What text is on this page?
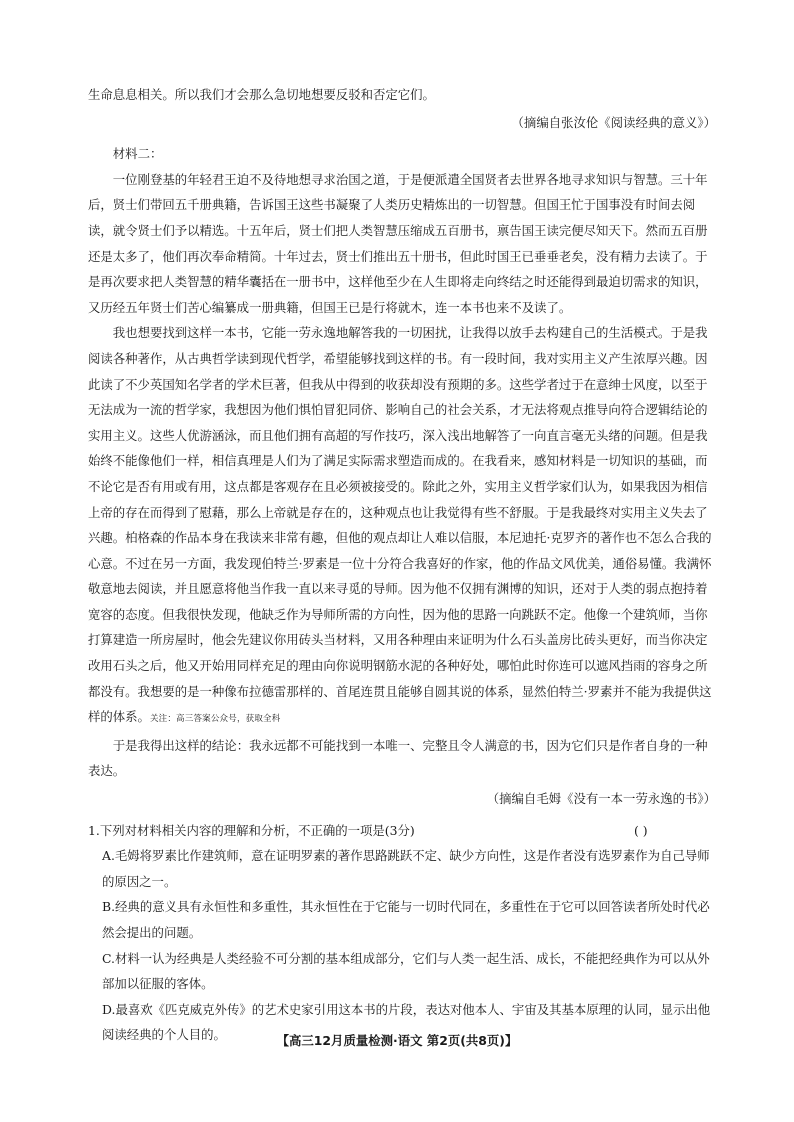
生命息息相关。所以我们才会那么急切地想要反驳和否定它们。

（摘编自张汝伦《阅读经典的意义》）

材料二：

一位刚登基的年轻君王迫不及待地想寻求治国之道，于是便派遣全国贤者去世界各地寻求知识与智慧。三十年后，贤士们带回五千册典籍，告诉国王这些书凝聚了人类历史精炼出的一切智慧。但国王忙于国事没有时间去阅读，就令贤士们予以精选。十五年后，贤士们把人类智慧压缩成五百册书，禀告国王读完便尽知天下。然而五百册还是太多了，他们再次奉命精简。十年过去，贤士们推出五十册书，但此时国王已垂垂老矣，没有精力去读了。于是再次要求把人类智慧的精华囊括在一册书中，这样他至少在人生即将走向终结之时还能得到最迫切需求的知识，又历经五年贤士们苦心编纂成一册典籍，但国王已是行将就木，连一本书也来不及读了。

我也想要找到这样一本书，它能一劳永逸地解答我的一切困扰，让我得以放手去构建自己的生活模式。于是我阅读各种著作，从古典哲学读到现代哲学，希望能够找到这样的书。有一段时间，我对实用主义产生浓厚兴趣。因此读了不少英国知名学者的学术巨著，但我从中得到的收获却没有预期的多。这些学者过于在意绅士风度，以至于无法成为一流的哲学家，我想因为他们惧怕冒犯同侪、影响自己的社会关系，才无法将观点推导向符合逻辑结论的实用主义。这些人优游涵泳，而且他们拥有高超的写作技巧，深入浅出地解答了一向直言毫无头绪的问题。但是我始终不能像他们一样，相信真理是人们为了满足实际需求塑造而成的。在我看来，感知材料是一切知识的基础，而不论它是否有用或有用，这点都是客观存在且必须被接受的。除此之外，实用主义哲学家们认为，如果我因为相信上帝的存在而得到了慰藉，那么上帝就是存在的，这种观点也让我觉得有些不舒服。于是我最终对实用主义失去了兴趣。柏格森的作品本身在我读来非常有趣，但他的观点却让人难以信服，本尼迪托·克罗齐的著作也不怎么合我的心意。不过在另一方面，我发现伯特兰·罗素是一位十分符合我喜好的作家，他的作品文风优美，通俗易懂。我满怀敬意地去阅读，并且愿意将他当作我一直以来寻觅的导师。因为他不仅拥有渊博的知识，还对于人类的弱点抱持着宽容的态度。但我很快发现，他缺乏作为导师所需的方向性，因为他的思路一向跳跃不定。他像一个建筑师，当你打算建造一所房屋时，他会先建议你用砖头当材料，又用各种理由来证明为什么石头盖房比砖头更好，而当你决定改用石头之后，他又开始用同样充足的理由向你说明钢筋水泥的各种好处，哪怕此时你连可以遮风挡雨的容身之所都没有。我想要的是一种像布拉德雷那样的、首尾连贯且能够自圆其说的体系，显然伯特兰·罗素并不能为我提供这样的体系。关注：高三答案公众号，获取全科

于是我得出这样的结论：我永远都不可能找到一本唯一、完整且令人满意的书，因为它们只是作者自身的一种表达。

（摘编自毛姆《没有一本一劳永逸的书》）

1.下列对材料相关内容的理解和分析，不正确的一项是(3分)	( )

A.毛姆将罗素比作建筑师，意在证明罗素的著作思路跳跃不定、缺少方向性，这是作者没有选罗素作为自己导师的原因之一。

B.经典的意义具有永恒性和多重性，其永恒性在于它能与一切时代同在，多重性在于它可以回答读者所处时代必然会提出的问题。

C.材料一认为经典是人类经验不可分割的基本组成部分，它们与人类一起生活、成长，不能把经典作为可以从外部加以征服的客体。

D.最喜欢《匹克威克外传》的艺术史家引用这本书的片段，表达对他本人、宇宙及其基本原理的认同，显示出他阅读经典的个人目的。	【高三12月质量检测·语文 第2页(共8页)】
